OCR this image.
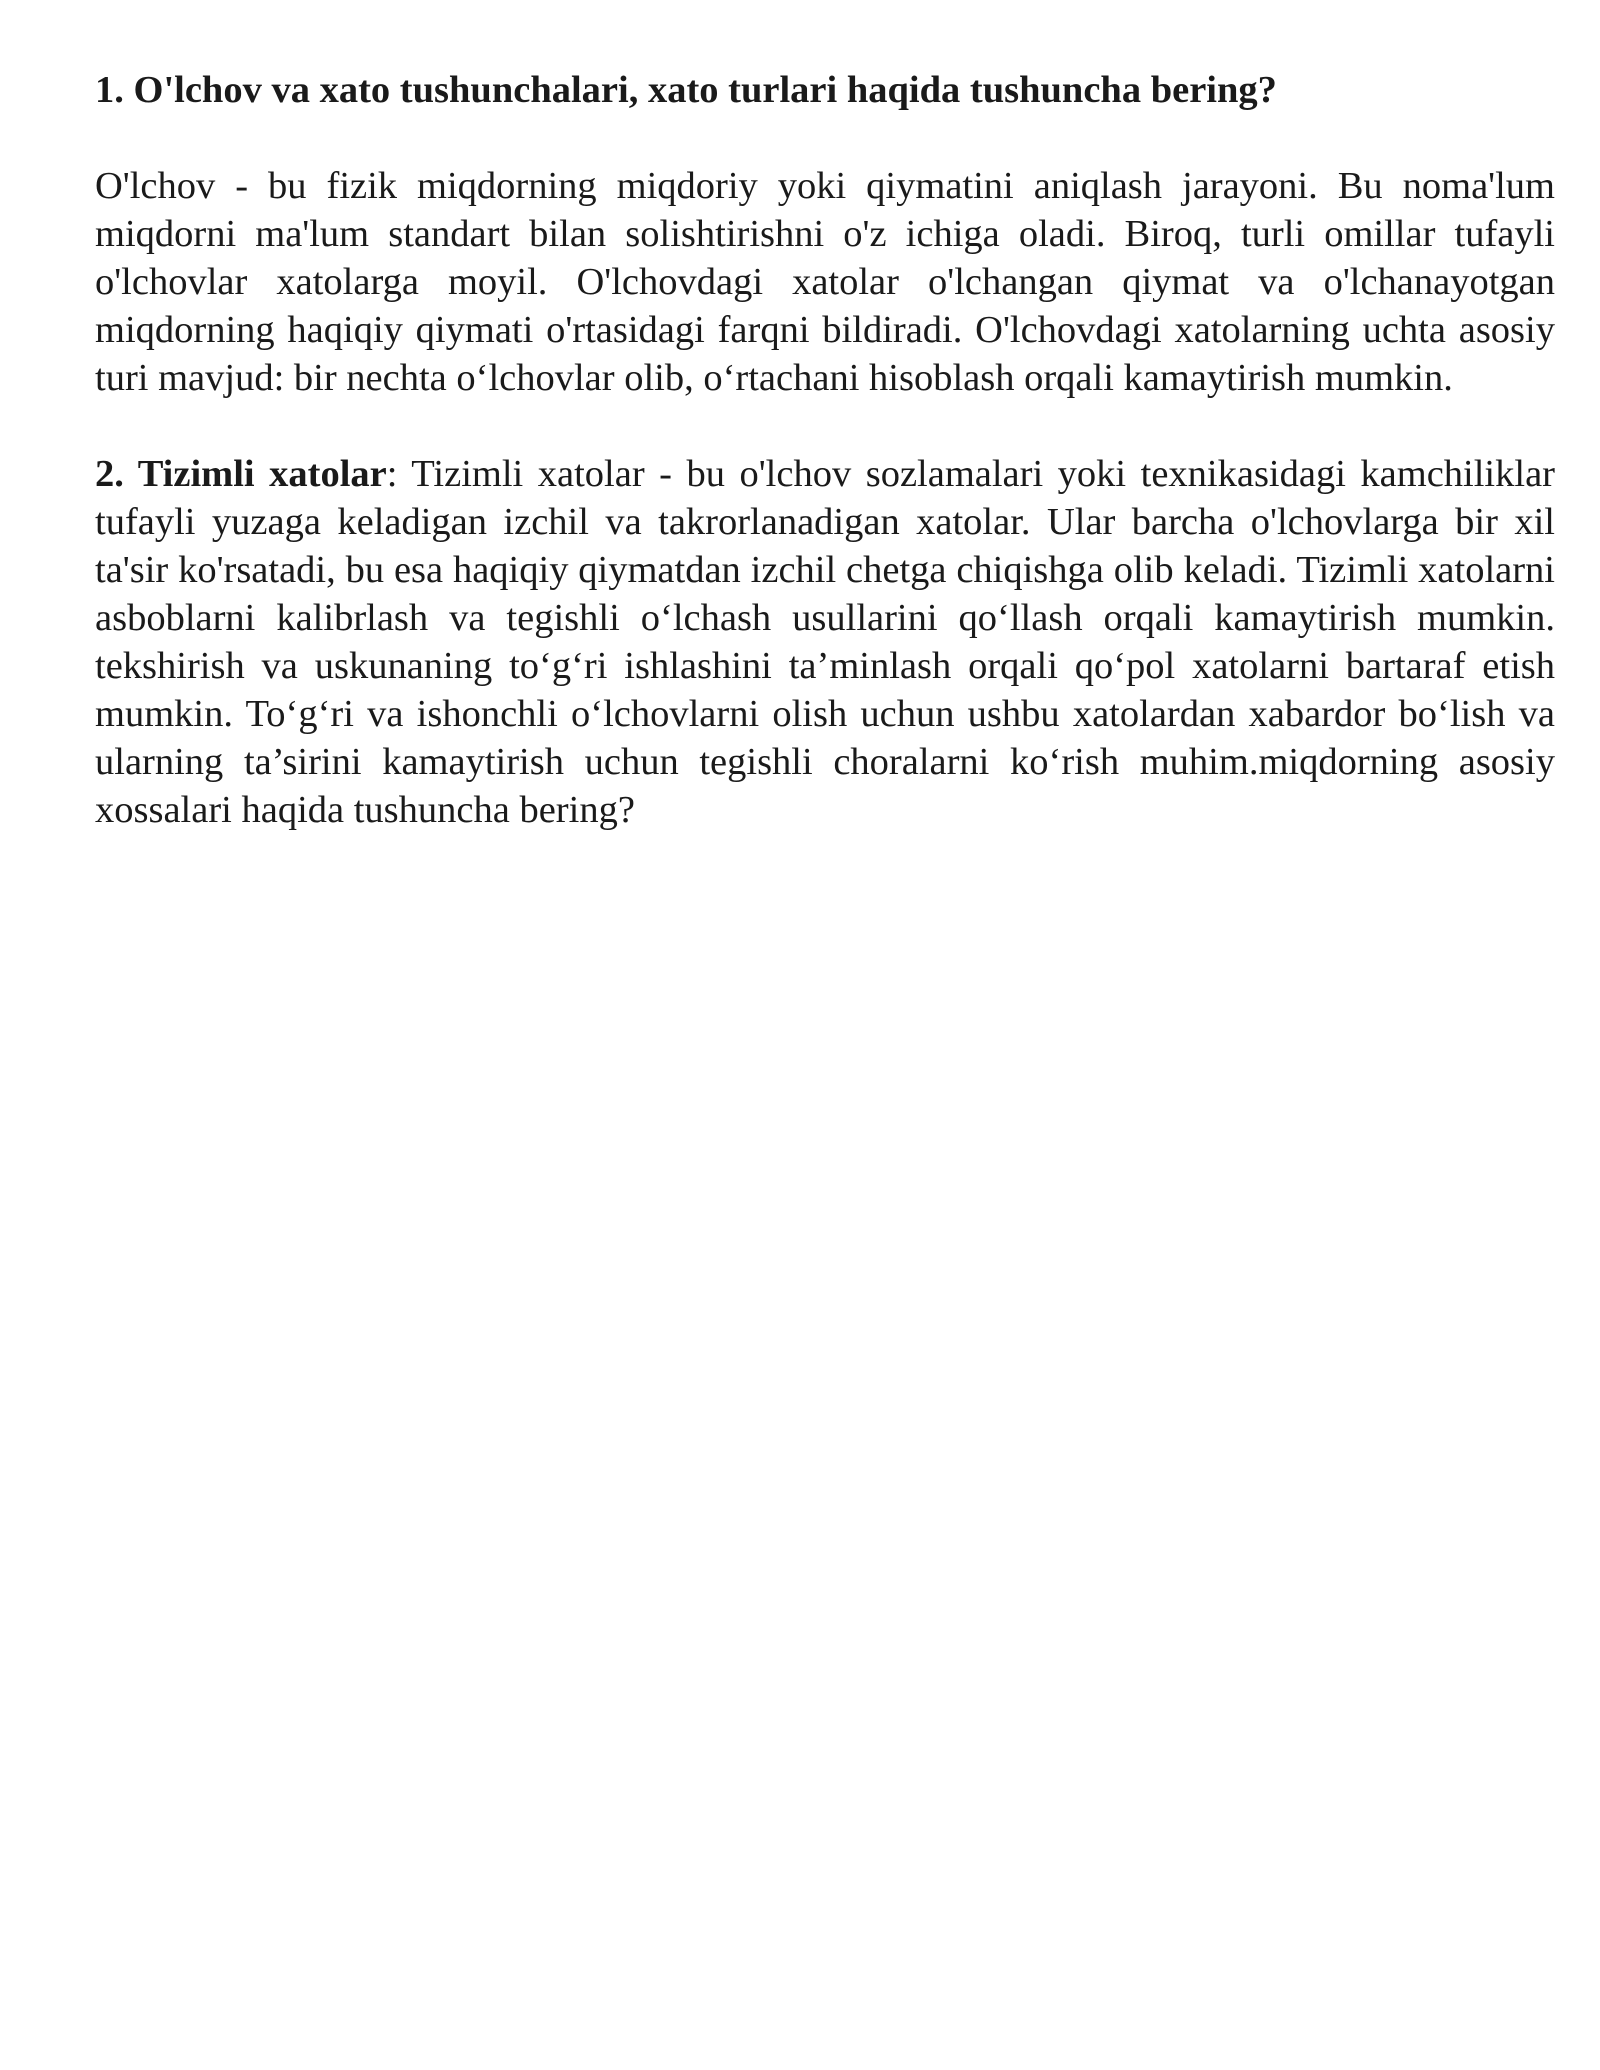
1. O'lchov va xato tushunchalari, xato turlari haqida tushuncha bering?

O'lchov - bu fizik miqdorning miqdoriy yoki qiymatini aniqlash jarayoni. Bu noma'lum miqdorni ma'lum standart bilan solishtirishni o'z ichiga oladi. Biroq, turli omillar tufayli o'lchovlar xatolarga moyil. O'lchovdagi xatolar o'lchangan qiymat va o'lchanayotgan miqdorning haqiqiy qiymati o'rtasidagi farqni bildiradi. O'lchovdagi xatolarning uchta asosiy turi mavjud: bir nechta o‘lchovlar olib, o‘rtachani hisoblash orqali kamaytirish mumkin.

2. Tizimli xatolar: Tizimli xatolar - bu o'lchov sozlamalari yoki texnikasidagi kamchiliklar tufayli yuzaga keladigan izchil va takrorlanadigan xatolar. Ular barcha o'lchovlarga bir xil ta'sir ko'rsatadi, bu esa haqiqiy qiymatdan izchil chetga chiqishga olib keladi. Tizimli xatolarni asboblarni kalibrlash va tegishli o‘lchash usullarini qo‘llash orqali kamaytirish mumkin. tekshirish va uskunaning to‘g‘ri ishlashini ta’minlash orqali qo‘pol xatolarni bartaraf etish mumkin. To‘g‘ri va ishonchli o‘lchovlarni olish uchun ushbu xatolardan xabardor bo‘lish va ularning ta’sirini kamaytirish uchun tegishli choralarni ko‘rish muhim.miqdorning asosiy xossalari haqida tushuncha bering?
